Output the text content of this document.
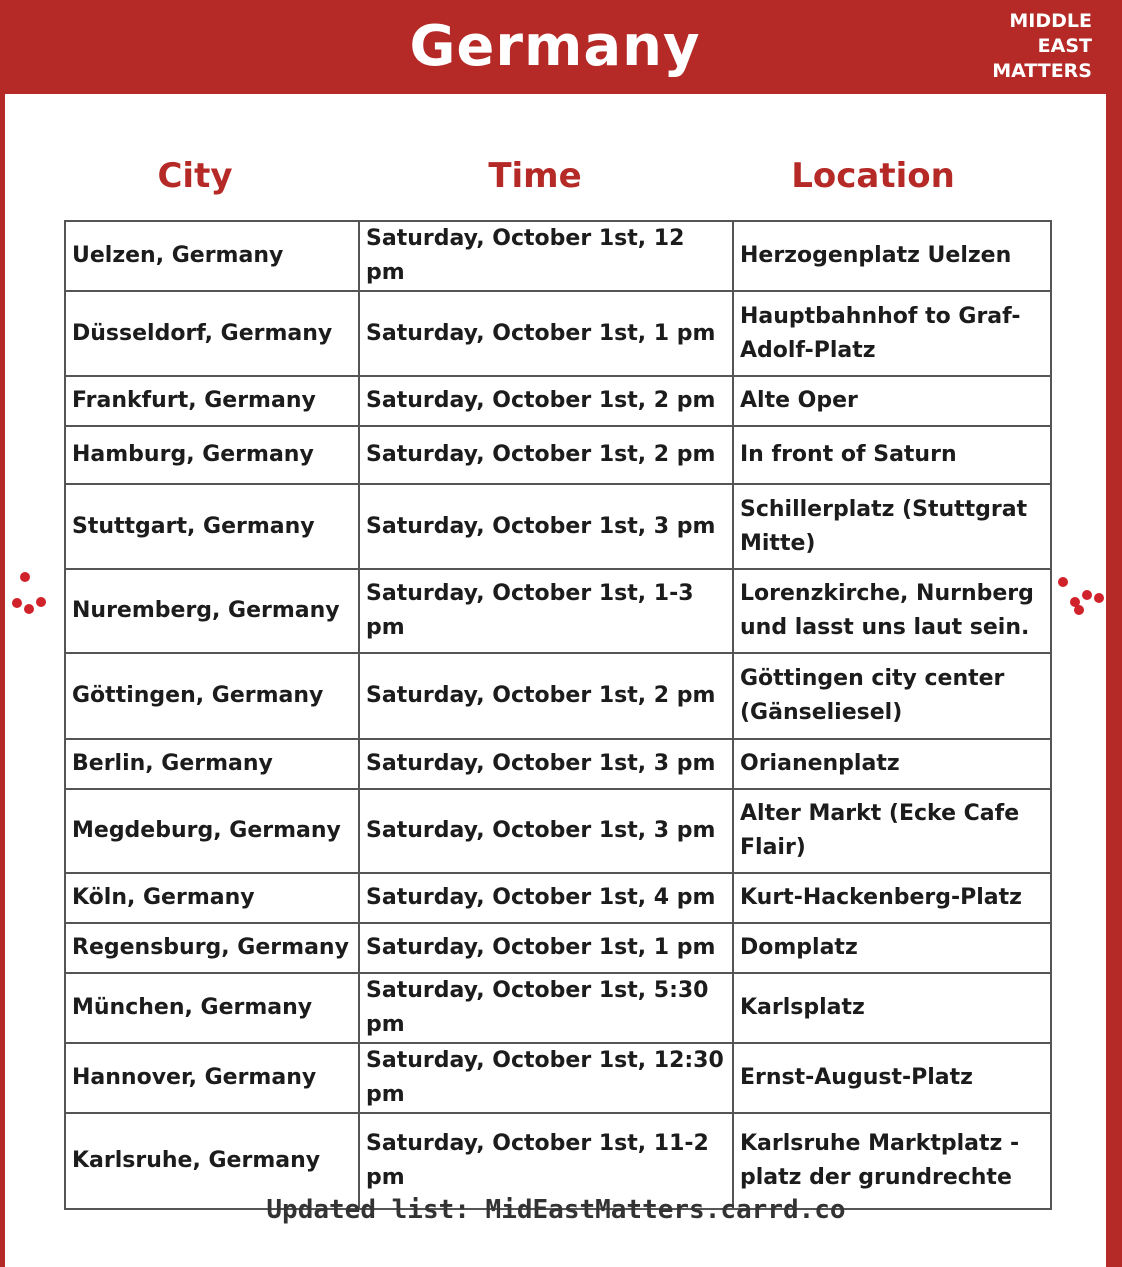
Germany	MIDDLE
EAST
MATTERS
City	Time	Location
Uelzen, Germany	Saturday, October 1st, 12 pm	Herzogenplatz Uelzen
Düsseldorf, Germany	Saturday, October 1st, 1 pm	Hauptbahnhof to Graf-Adolf-Platz
Frankfurt, Germany	Saturday, October 1st, 2 pm	Alte Oper
Hamburg, Germany	Saturday, October 1st, 2 pm	In front of Saturn
Stuttgart, Germany	Saturday, October 1st, 3 pm	Schillerplatz (Stuttgrat Mitte)
Nuremberg, Germany	Saturday, October 1st, 1-3 pm	Lorenzkirche, Nurnberg und lasst uns laut sein.
Göttingen, Germany	Saturday, October 1st, 2 pm	Göttingen city center (Gänseliesel)
Berlin, Germany	Saturday, October 1st, 3 pm	Orianenplatz
Megdeburg, Germany	Saturday, October 1st, 3 pm	Alter Markt (Ecke Cafe Flair)
Köln, Germany	Saturday, October 1st, 4 pm	Kurt-Hackenberg-Platz
Regensburg, Germany	Saturday, October 1st, 1 pm	Domplatz
München, Germany	Saturday, October 1st, 5:30 pm	Karlsplatz
Hannover, Germany	Saturday, October 1st, 12:30 pm	Ernst-August-Platz
Karlsruhe, Germany	Saturday, October 1st, 11-2 pm	Karlsruhe Marktplatz - platz der grundrechte
Updated list: MidEastMatters.carrd.co
